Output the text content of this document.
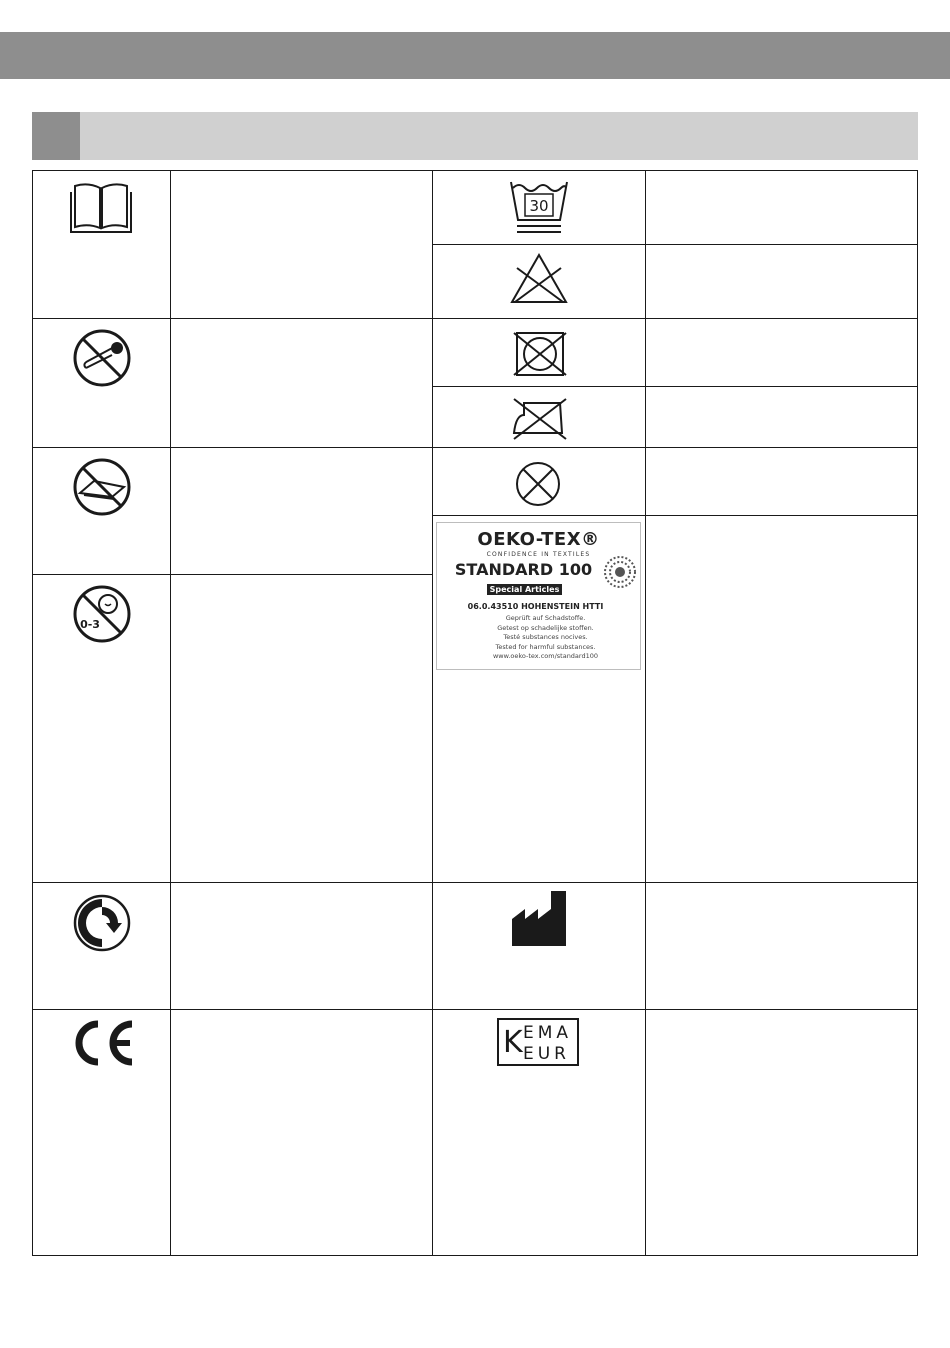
30
0-3
OEKO-TEX®
CONFIDENCE IN TEXTILES
STANDARD 100
Special Articles
06.0.43510 HOHENSTEIN HTTI
Geprüft auf Schadstoffe.
Getest op schadelijke stoffen.
Testé substances nocives.
Tested for harmful substances.
www.oeko-tex.com/standard100
K EMA
EUR
